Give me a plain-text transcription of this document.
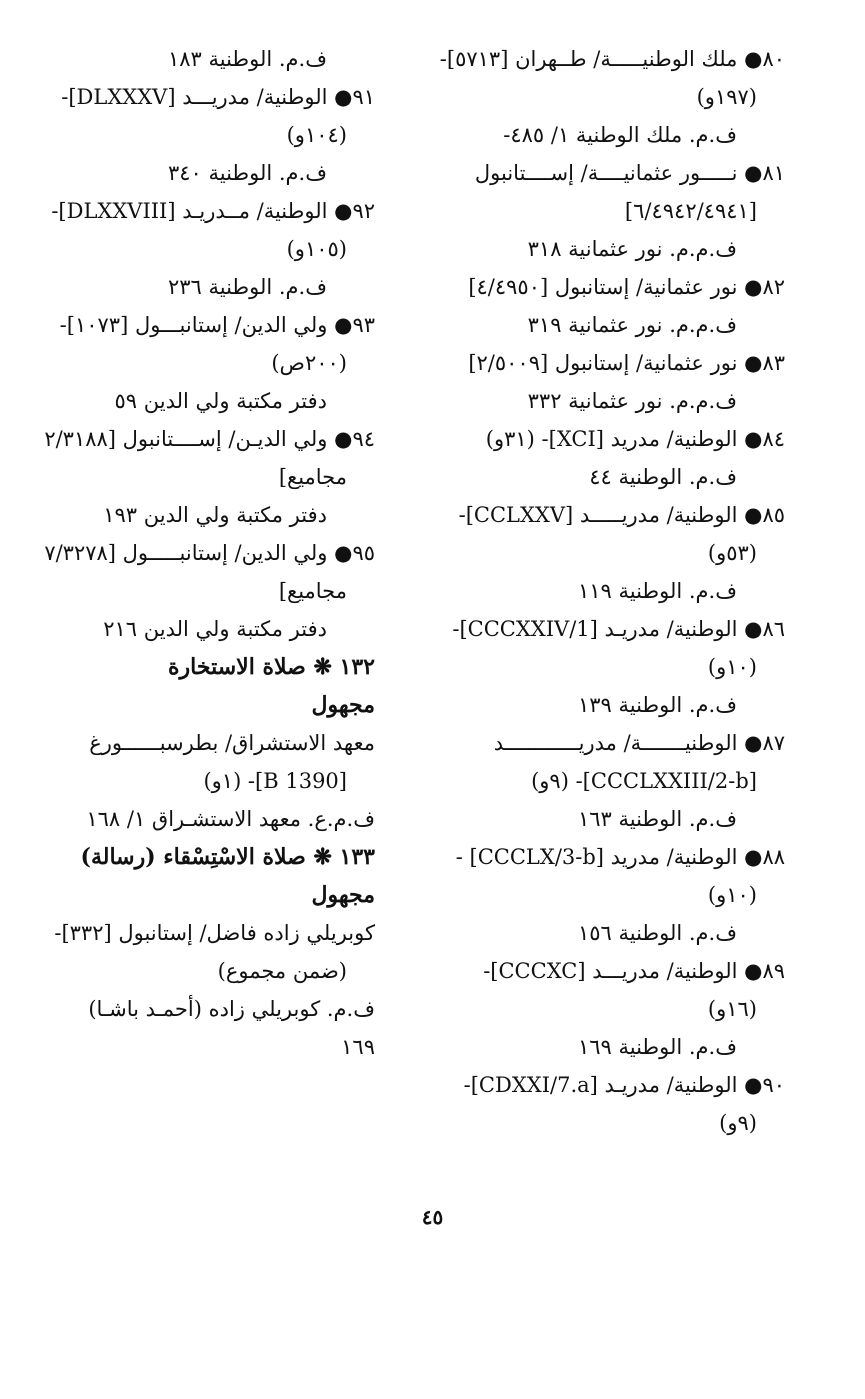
٨٠● ملك الوطنيـــــة/ طــهران [٥٧١٣]-
(١٩٧و)
ف.م. ملك الوطنية ١/ ٤٨٥-
٨١● نـــــور عثمانيــــة/ إســــتانبول
[٦/٤٩٤٢/٤٩٤١]
ف.م.م. نور عثمانية ٣١٨
٨٢● نور عثمانية/ إستانبول [٤/٤٩٥٠]
ف.م.م. نور عثمانية ٣١٩
٨٣● نور عثمانية/ إستانبول [٢/٥٠٠٩]
ف.م.م. نور عثمانية ٣٣٢
٨٤● الوطنية/ مدريد [XCI]- (٣١و)
ف.م. الوطنية ٤٤
٨٥● الوطنية/ مدريـــــد [CCLXXV]-
(٥٣و)
ف.م. الوطنية ١١٩
٨٦● الوطنية/ مدريـد [CCCXXIV/1]-
(١٠و)
ف.م. الوطنية ١٣٩
٨٧● الوطنيـــــــة/ مدريــــــــــــد
[CCCLXXIII/2-b]- (٩و)
ف.م. الوطنية ١٦٣
٨٨● الوطنية/ مدريد [CCCLX/3-b] -
(١٠و)
ف.م. الوطنية ١٥٦
٨٩● الوطنية/ مدريـــد [CCCXC]-
(١٦و)
ف.م. الوطنية ١٦٩
٩٠● الوطنية/ مدريـد [CDXXI/7.a]-
(٩و)
ف.م. الوطنية ١٨٣
٩١● الوطنية/ مدريـــد [DLXXXV]-
(١٠٤و)
ف.م. الوطنية ٣٤٠
٩٢● الوطنية/ مــدريـد [DLXXVIII]-
(١٠٥و)
ف.م. الوطنية ٢٣٦
٩٣● ولي الدين/ إستانبـــول [١٠٧٣]-
(٢٠٠ص)
دفتر مكتبة ولي الدين ٥٩
٩٤● ولي الديـن/ إســــتانبول [٢/٣١٨٨
مجاميع]
دفتر مكتبة ولي الدين ١٩٣
٩٥● ولي الدين/ إستانبـــــول [٧/٣٢٧٨
مجاميع]
دفتر مكتبة ولي الدين ٢١٦
١٣٢ ❋ صلاة الاستخارة
مجهول
معهد الاستشراق/ بطرسبــــــورغ
[B 1390]- (١و)
ف.م.ع. معهد الاستشـراق ١/ ١٦٨
١٣٣ ❋ صلاة الاسْتِسْقاء (رسالة)
مجهول
كوبريلي زاده فاضل/ إستانبول [٣٣٢]-
(ضمن مجموع)
ف.م. كوبريلي زاده (أحمـد باشـا)
١٦٩
٤٥
